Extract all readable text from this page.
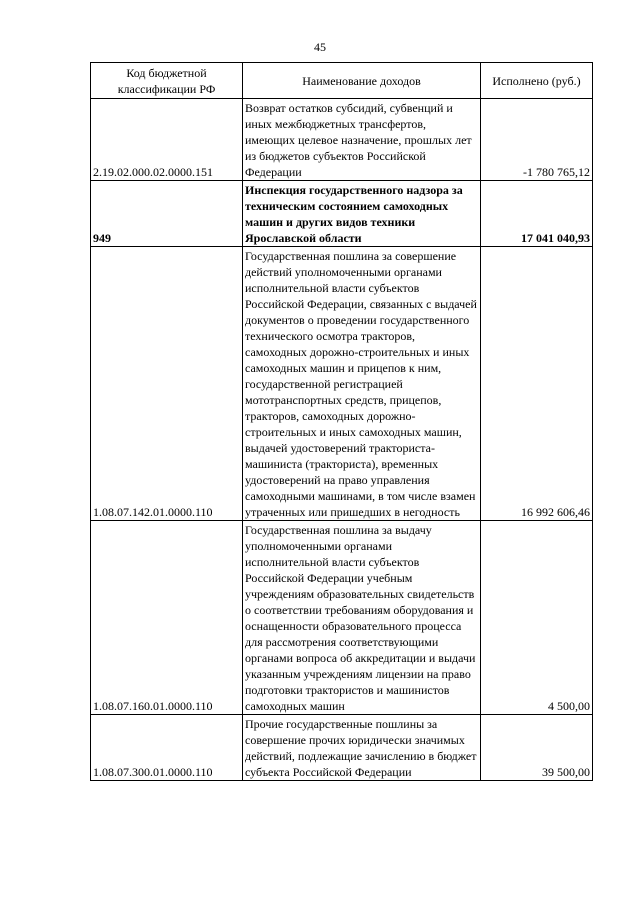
45
Код бюджетной классификации РФ	Наименование доходов	Исполнено (руб.)
2.19.02.000.02.0000.151	Возврат остатков субсидий, субвенций и иных межбюджетных трансфертов, имеющих целевое назначение, прошлых лет из бюджетов субъектов Российской Федерации	-1 780 765,12
949	Инспекция государственного надзора за техническим состоянием самоходных машин и других видов техники Ярославской области	17 041 040,93
1.08.07.142.01.0000.110	Государственная пошлина за совершение действий уполномоченными органами исполнительной власти субъектов Российской Федерации, связанных с выдачей документов о проведении государственного технического осмотра тракторов, самоходных дорожно-строительных и иных самоходных машин и прицепов к ним, государственной регистрацией мототранспортных средств, прицепов, тракторов, самоходных дорожно-строительных и иных самоходных машин, выдачей удостоверений тракториста-машиниста (тракториста), временных удостоверений на право управления самоходными машинами, в том числе взамен утраченных или пришедших в негодность	16 992 606,46
1.08.07.160.01.0000.110	Государственная пошлина за выдачу уполномоченными органами исполнительной власти субъектов Российской Федерации учебным учреждениям образовательных свидетельств о соответствии требованиям оборудования и оснащенности образовательного процесса для рассмотрения соответствующими органами вопроса об аккредитации и выдачи указанным учреждениям лицензии на право подготовки трактористов и машинистов самоходных машин	4 500,00
1.08.07.300.01.0000.110	Прочие государственные пошлины за совершение прочих юридически значимых действий, подлежащие зачислению в бюджет субъекта Российской Федерации	39 500,00
